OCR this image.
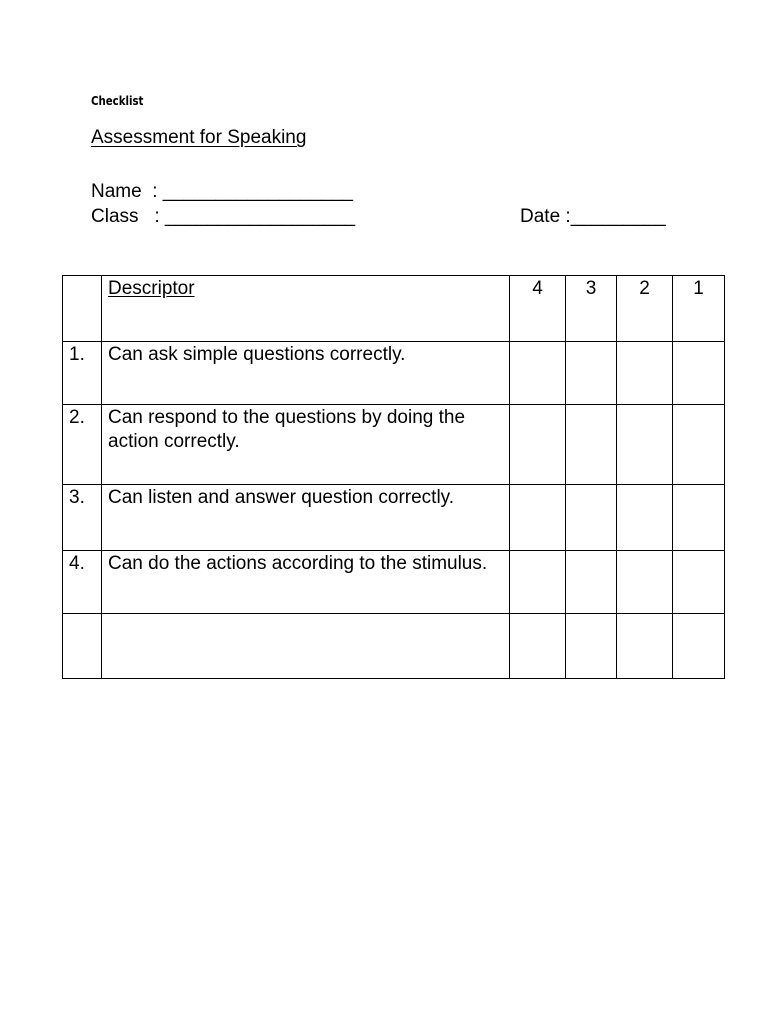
Checklist
Assessment for Speaking
Name  : __________________
Class   : __________________	Date :_________

	Descriptor	4	3	2	1

1.	Can ask simple questions correctly.				

2.	Can respond to the questions by doing the action correctly.				

3.	Can listen and answer question correctly.				

4.	Can do the actions according to the stimulus.				
